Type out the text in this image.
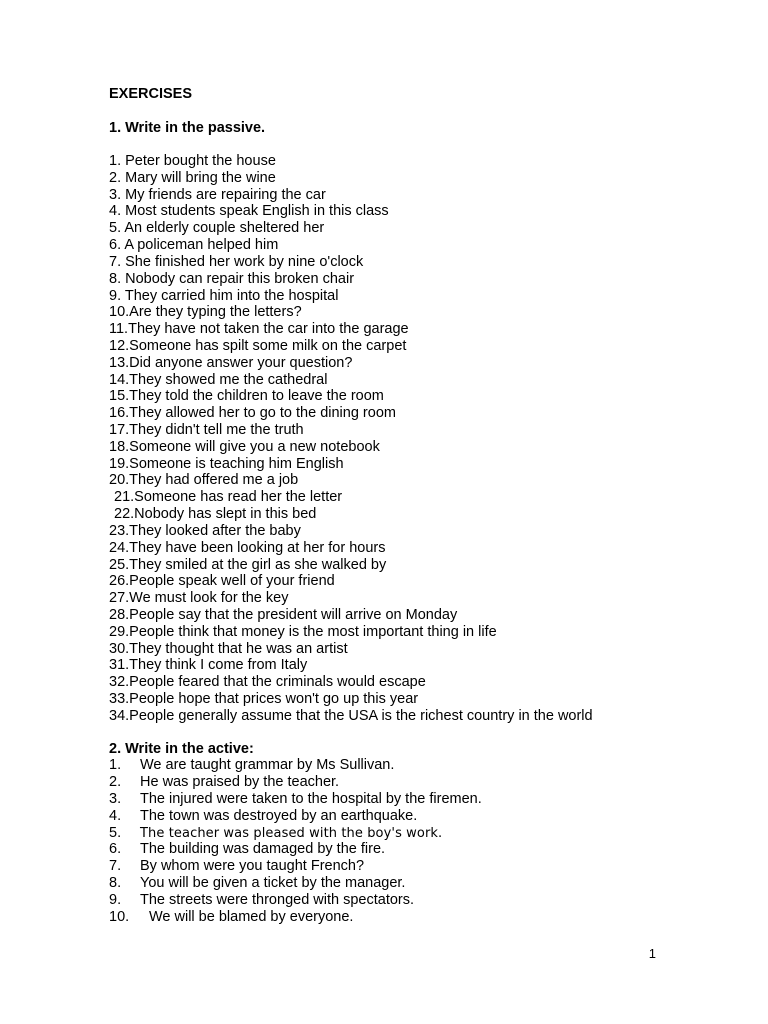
EXERCISES
1. Write in the passive.
1. Peter bought the house
2. Mary will bring the wine
3. My friends are repairing the car
4. Most students speak English in this class
5. An elderly couple sheltered her
6. A policeman helped him
7. She finished her work by nine o'clock
8. Nobody can repair this broken chair
9. They carried him into the hospital
10.Are they typing the letters?
11.They have not taken the car into the garage
12.Someone has spilt some milk on the carpet
13.Did anyone answer your question?
14.They showed me the cathedral
15.They told the children to leave the room
16.They allowed her to go to the dining room
17.They didn't tell me the truth
18.Someone will give you a new notebook
19.Someone is teaching him English
20.They had offered me a job
21.Someone has read her the letter
22.Nobody has slept in this bed
23.They looked after the baby
24.They have been looking at her for hours
25.They smiled at the girl as she walked by
26.People speak well of your friend
27.We must look for the key
28.People say that the president will arrive on Monday
29.People think that money is the most important thing in life
30.They thought that he was an artist
31.They think I come from Italy
32.People feared that the criminals would escape
33.People hope that prices won't go up this year
34.People generally assume that the USA is the richest country in the world
2. Write in the active:
1. We are taught grammar by Ms Sullivan.
2. He was praised by the teacher.
3. The injured were taken to the hospital by the firemen.
4. The town was destroyed by an earthquake.
5. The teacher was pleased with the boy's work.
6. The building was damaged by the fire.
7. By whom were you taught French?
8. You will be given a ticket by the manager.
9. The streets were thronged with spectators.
10. We will be blamed by everyone.
1
